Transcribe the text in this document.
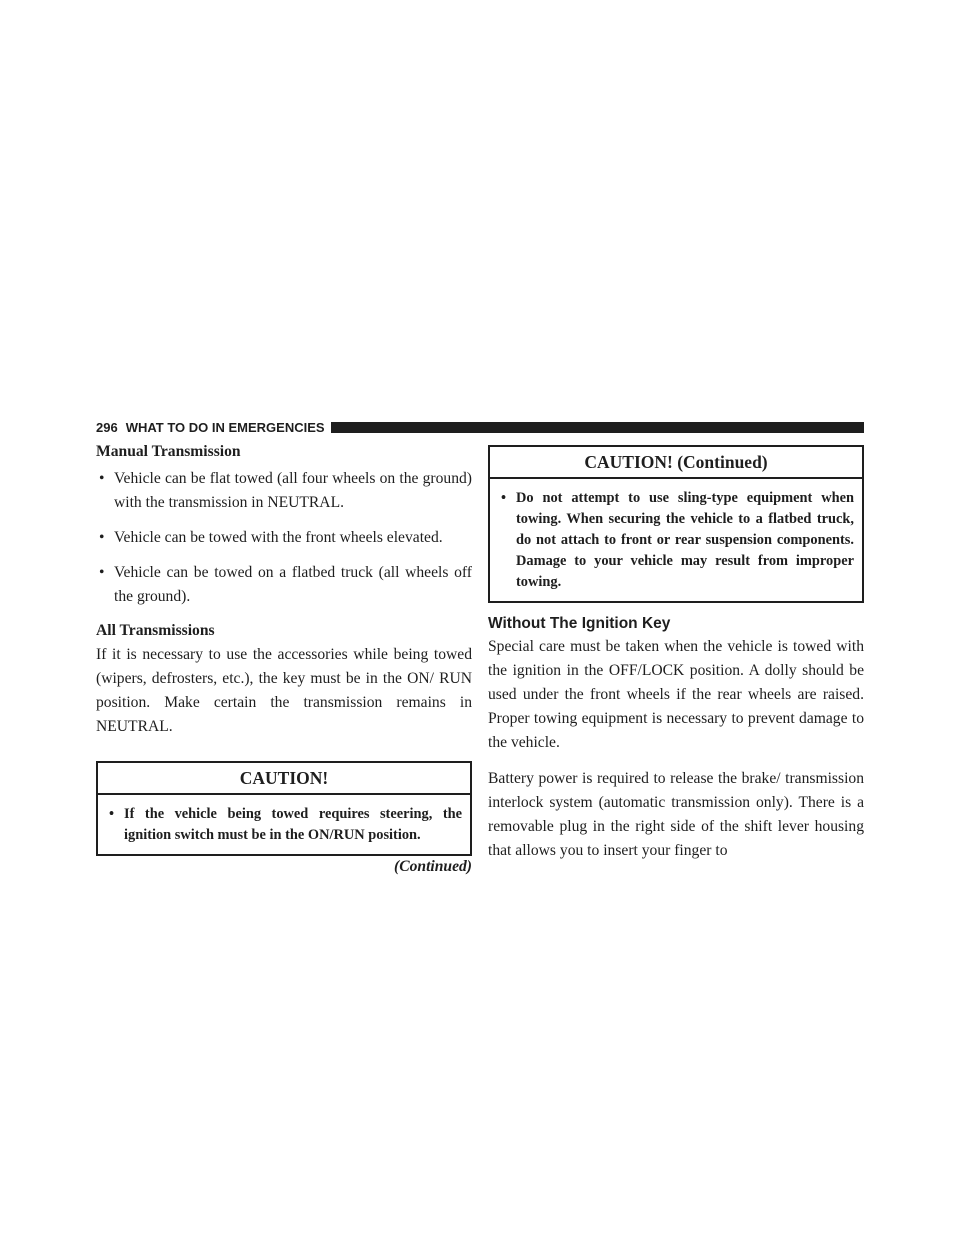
296 WHAT TO DO IN EMERGENCIES

Manual Transmission

• Vehicle can be flat towed (all four wheels on the ground) with the transmission in NEUTRAL.
• Vehicle can be towed with the front wheels elevated.
• Vehicle can be towed on a flatbed truck (all wheels off the ground).

All Transmissions

If it is necessary to use the accessories while being towed (wipers, defrosters, etc.), the key must be in the ON/ RUN position. Make certain the transmission remains in NEUTRAL.

CAUTION!
• If the vehicle being towed requires steering, the ignition switch must be in the ON/RUN position.
(Continued)
CAUTION! (Continued)
• Do not attempt to use sling-type equipment when towing. When securing the vehicle to a flatbed truck, do not attach to front or rear suspension components. Damage to your vehicle may result from improper towing.

Without The Ignition Key

Special care must be taken when the vehicle is towed with the ignition in the OFF/LOCK position. A dolly should be used under the front wheels if the rear wheels are raised. Proper towing equipment is necessary to prevent damage to the vehicle.

Battery power is required to release the brake/ transmission interlock system (automatic transmission only). There is a removable plug in the right side of the shift lever housing that allows you to insert your finger to
